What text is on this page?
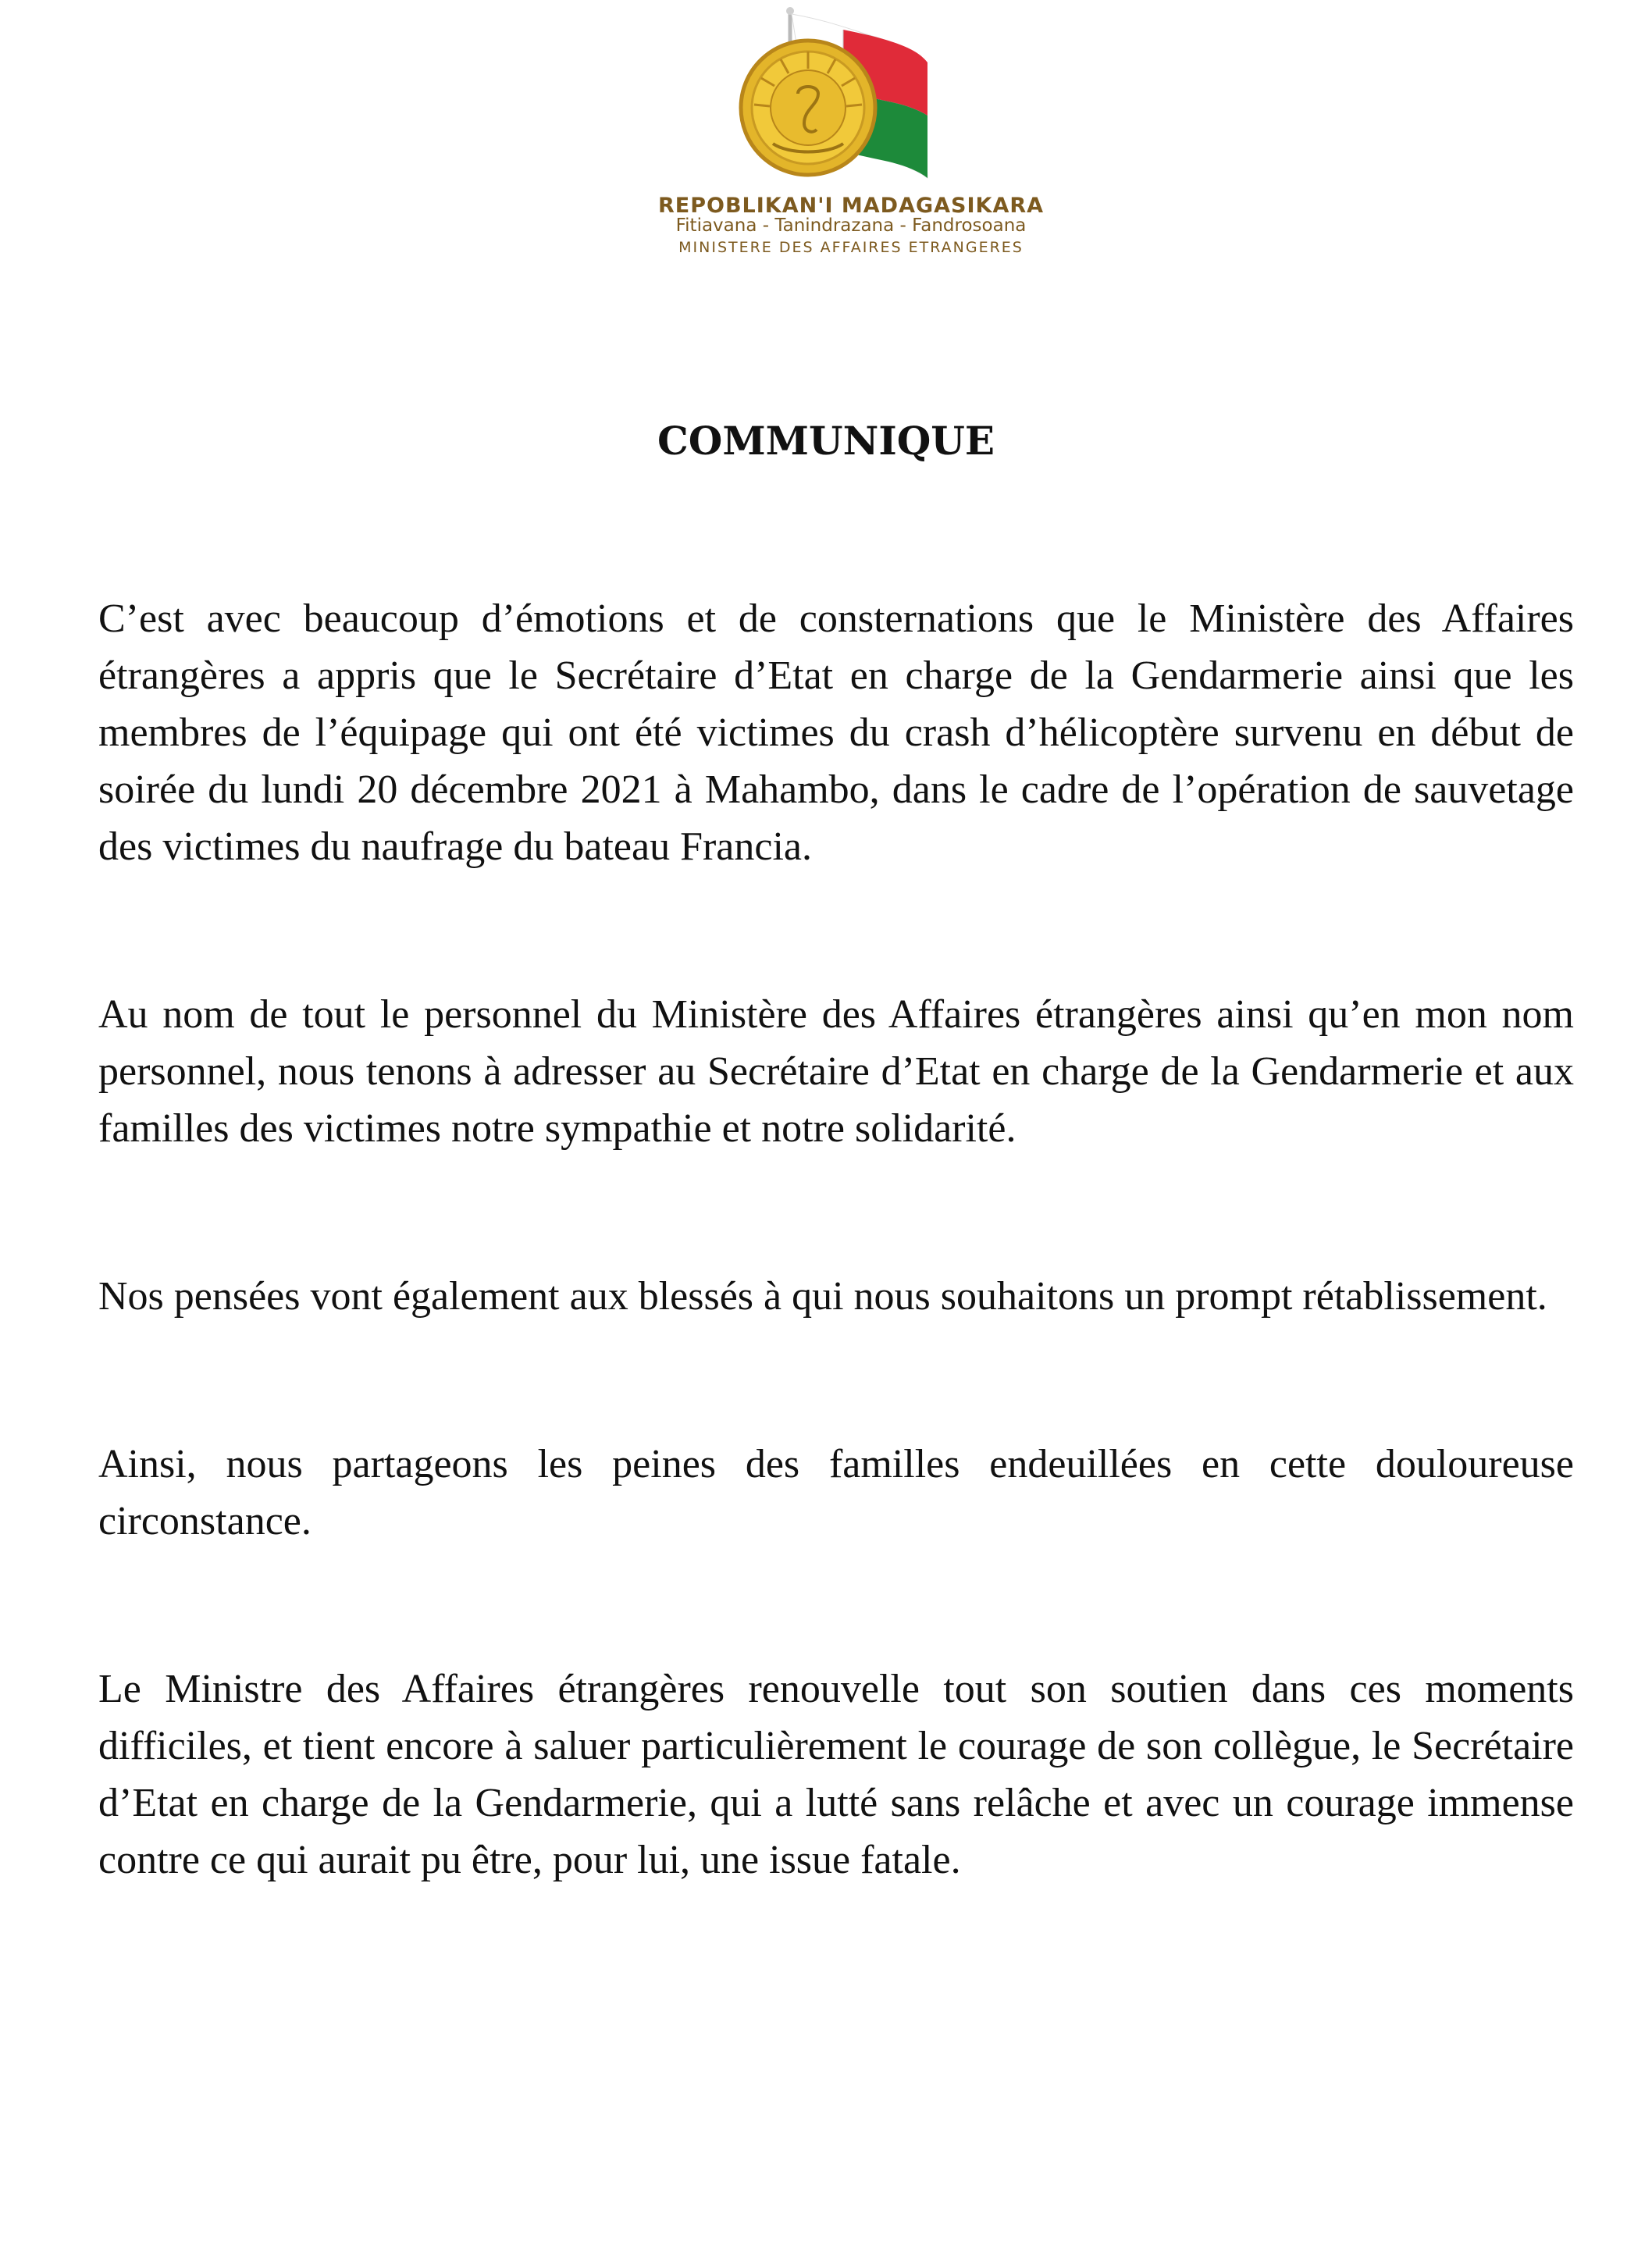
REPOBLIKAN'I MADAGASIKARA
Fitiavana - Tanindrazana - Fandrosoana
MINISTERE DES AFFAIRES ETRANGERES
COMMUNIQUE

C’est avec beaucoup d’émotions et de consternations que le Ministère des Affaires étrangères a appris que le Secrétaire d’Etat en charge de la Gendarmerie ainsi que les membres de l’équipage qui ont été victimes du crash d’hélicoptère survenu en début de soirée du lundi 20 décembre 2021 à Mahambo, dans le cadre de l’opération de sauvetage des victimes du naufrage du bateau Francia.

Au nom de tout le personnel du Ministère des Affaires étrangères ainsi qu’en mon nom personnel, nous tenons à adresser au Secrétaire d’Etat en charge de la Gendarmerie et aux familles des victimes notre sympathie et notre solidarité.

Nos pensées vont également aux blessés à qui nous souhaitons un prompt rétablissement.

Ainsi, nous partageons les peines des familles endeuillées en cette douloureuse circonstance.

Le Ministre des Affaires étrangères renouvelle tout son soutien dans ces moments difficiles, et tient encore à saluer particulièrement le courage de son collègue, le Secrétaire d’Etat en charge de la Gendarmerie, qui a lutté sans relâche et avec un courage immense contre ce qui aurait pu être, pour lui, une issue fatale.
